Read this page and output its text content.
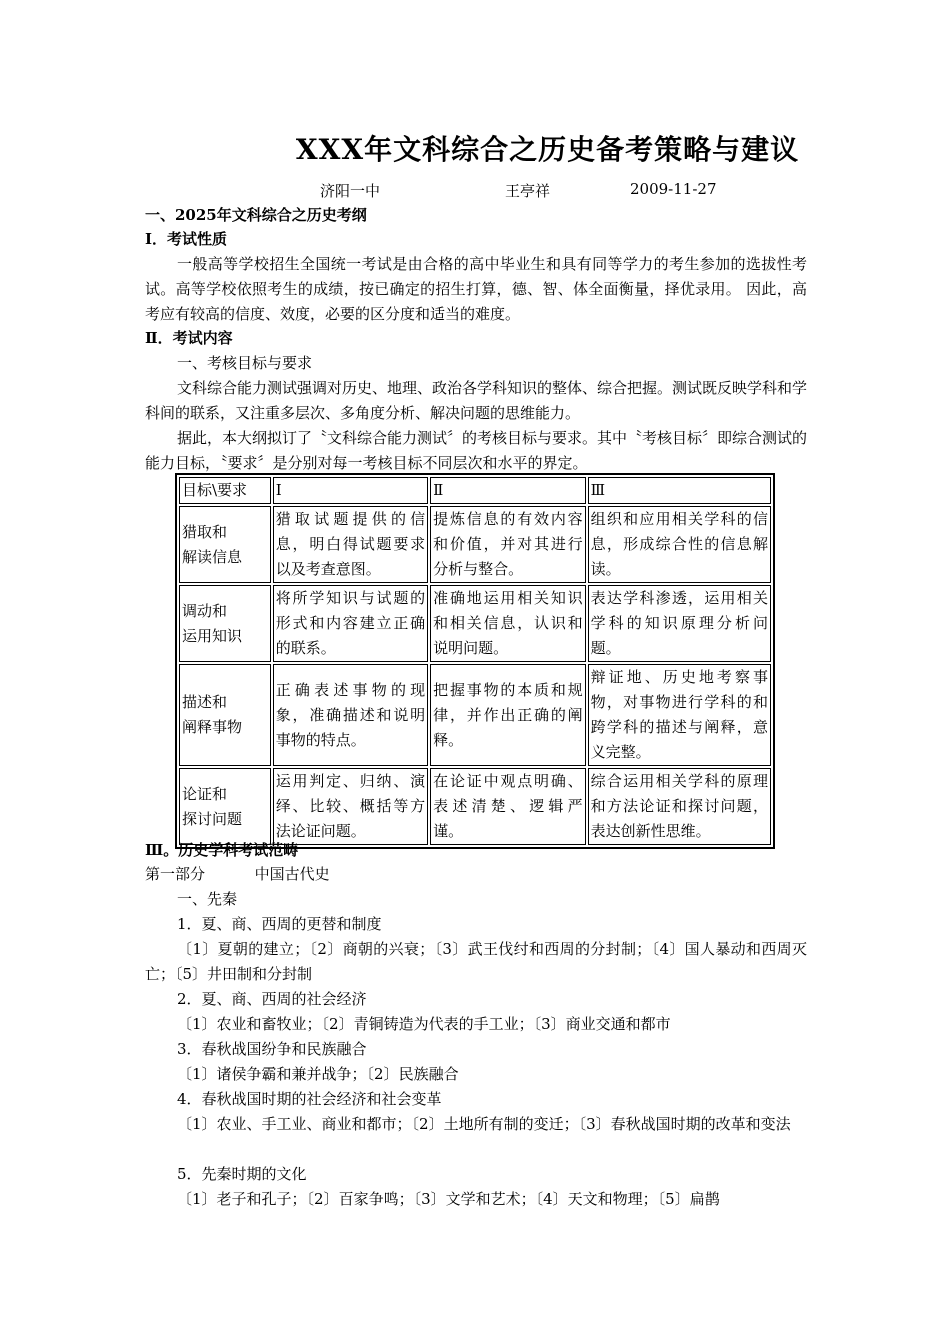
XXX年文科综合之历史备考策略与建议
济阳一中	王亭祥	2009-11-27
一、2025年文科综合之历史考纲
Ⅰ．考试性质
一般高等学校招生全国统一考试是由合格的高中毕业生和具有同等学力的考生参加的选拔性考试。高等学校依照考生的成绩，按已确定的招生打算，德、智、体全面衡量，择优录用。 因此，高考应有较高的信度、效度，必要的区分度和适当的难度。
Ⅱ．考试内容
一、考核目标与要求
文科综合能力测试强调对历史、地理、政治各学科知识的整体、综合把握。测试既反映学科和学科间的联系，又注重多层次、多角度分析、解决问题的思维能力。
据此，本大纲拟订了〝文科综合能力测试〞的考核目标与要求。其中〝考核目标〞即综合测试的能力目标，〝要求〞是分别对每一考核目标不同层次和水平的界定。
目标\要求	Ⅰ	Ⅱ	Ⅲ
猎取和
解读信息	猎取试题提供的信息，明白得试题要求以及考查意图。	提炼信息的有效内容和价值，并对其进行分析与整合。	组织和应用相关学科的信息，形成综合性的信息解读。
调动和
运用知识	将所学知识与试题的形式和内容建立正确的联系。	准确地运用相关知识和相关信息，认识和说明问题。	表达学科渗透，运用相关学科的知识原理分析问题。
描述和
阐释事物	正确表述事物的现象，准确描述和说明事物的特点。	把握事物的本质和规律，并作出正确的阐释。	辩证地、历史地考察事物，对事物进行学科的和跨学科的描述与阐释，意义完整。
论证和
探讨问题	运用判定、归纳、演绎、比较、概括等方法论证问题。	在论证中观点明确、表述清楚、逻辑严谨。	综合运用相关学科的原理和方法论证和探讨问题，表达创新性思维。
Ⅲ。历史学科考试范畴
第一部分	中国古代史
一、先秦
1．夏、商、西周的更替和制度
〔1〕夏朝的建立；〔2〕商朝的兴衰；〔3〕武王伐纣和西周的分封制；〔4〕国人暴动和西周灭亡；〔5〕井田制和分封制
2．夏、商、西周的社会经济
〔1〕农业和畜牧业；〔2〕青铜铸造为代表的手工业；〔3〕商业交通和都市
3．春秋战国纷争和民族融合
〔1〕诸侯争霸和兼并战争；〔2〕民族融合
4．春秋战国时期的社会经济和社会变革
〔1〕农业、手工业、商业和都市；〔2〕土地所有制的变迁；〔3〕春秋战国时期的改革和变法
5．先秦时期的文化
〔1〕老子和孔子；〔2〕百家争鸣；〔3〕文学和艺术；〔4〕天文和物理；〔5〕扁鹊
